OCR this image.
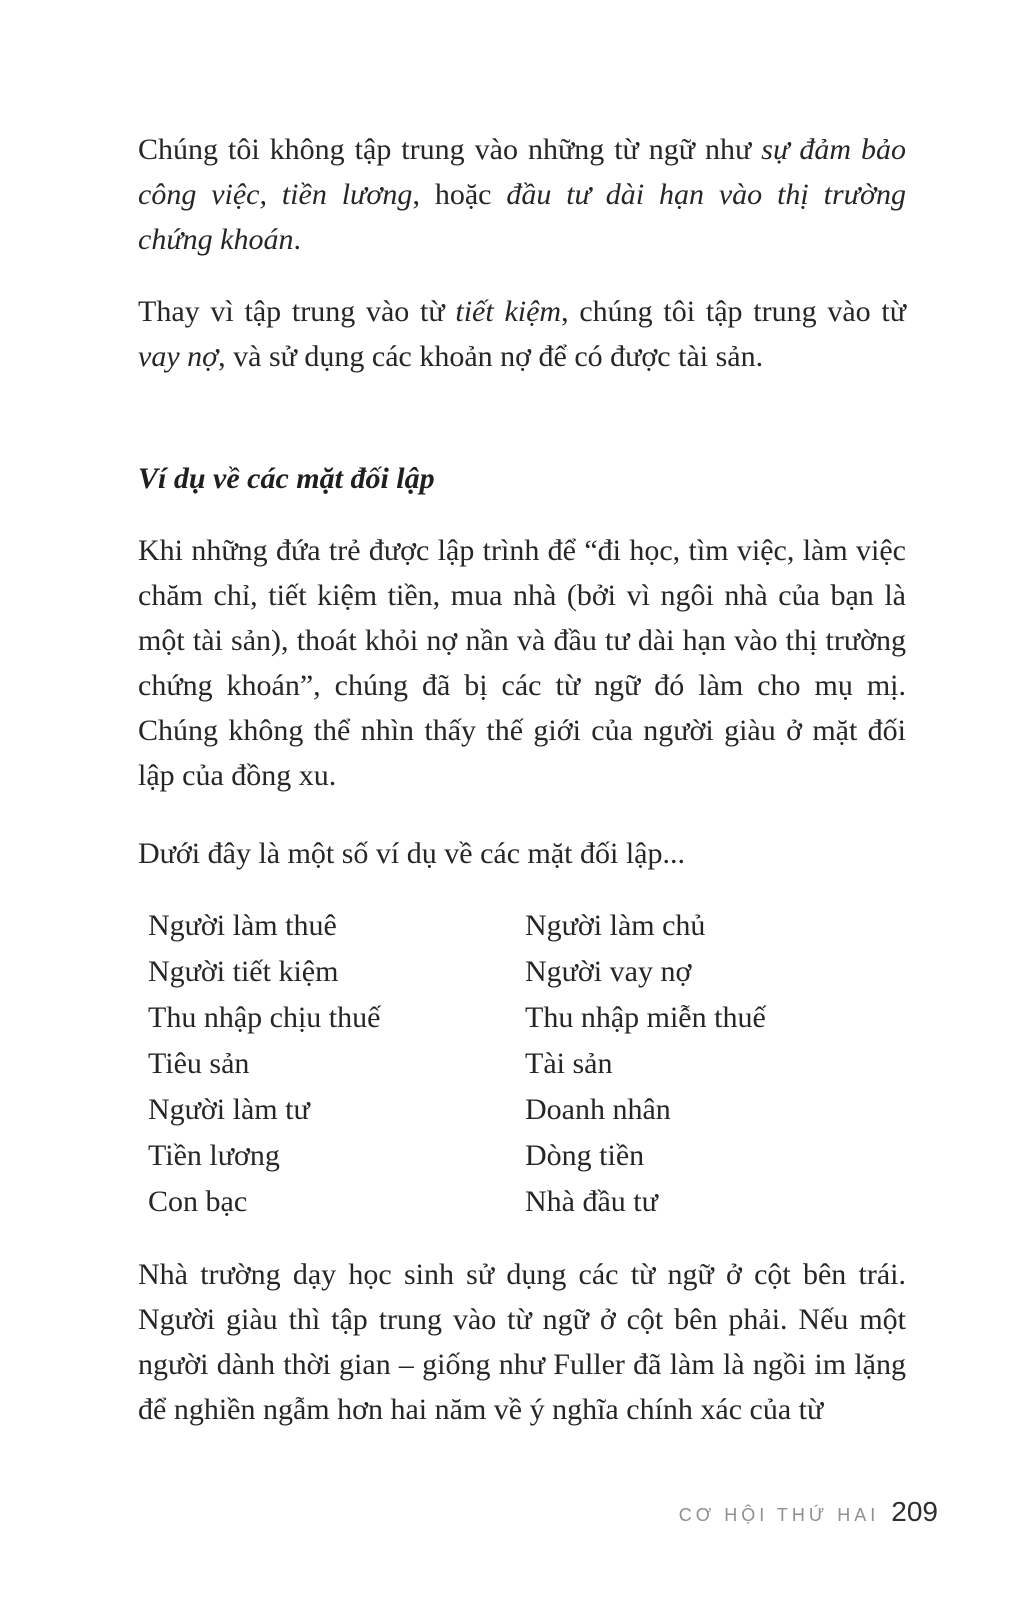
Chúng tôi không tập trung vào những từ ngữ như sự đảm bảo công việc, tiền lương, hoặc đầu tư dài hạn vào thị trường chứng khoán.

Thay vì tập trung vào từ tiết kiệm, chúng tôi tập trung vào từ vay nợ, và sử dụng các khoản nợ để có được tài sản.

Ví dụ về các mặt đối lập

Khi những đứa trẻ được lập trình để “đi học, tìm việc, làm việc chăm chỉ, tiết kiệm tiền, mua nhà (bởi vì ngôi nhà của bạn là một tài sản), thoát khỏi nợ nần và đầu tư dài hạn vào thị trường chứng khoán”, chúng đã bị các từ ngữ đó làm cho mụ mị. Chúng không thể nhìn thấy thế giới của người giàu ở mặt đối lập của đồng xu.

Dưới đây là một số ví dụ về các mặt đối lập...

Người làm thuê	Người làm chủ
Người tiết kiệm	Người vay nợ
Thu nhập chịu thuế	Thu nhập miễn thuế
Tiêu sản	Tài sản
Người làm tư	Doanh nhân
Tiền lương	Dòng tiền
Con bạc	Nhà đầu tư

Nhà trường dạy học sinh sử dụng các từ ngữ ở cột bên trái. Người giàu thì tập trung vào từ ngữ ở cột bên phải. Nếu một người dành thời gian – giống như Fuller đã làm là ngồi im lặng để nghiền ngẫm hơn hai năm về ý nghĩa chính xác của từ

CƠ HỘI THỨ HAI 209
